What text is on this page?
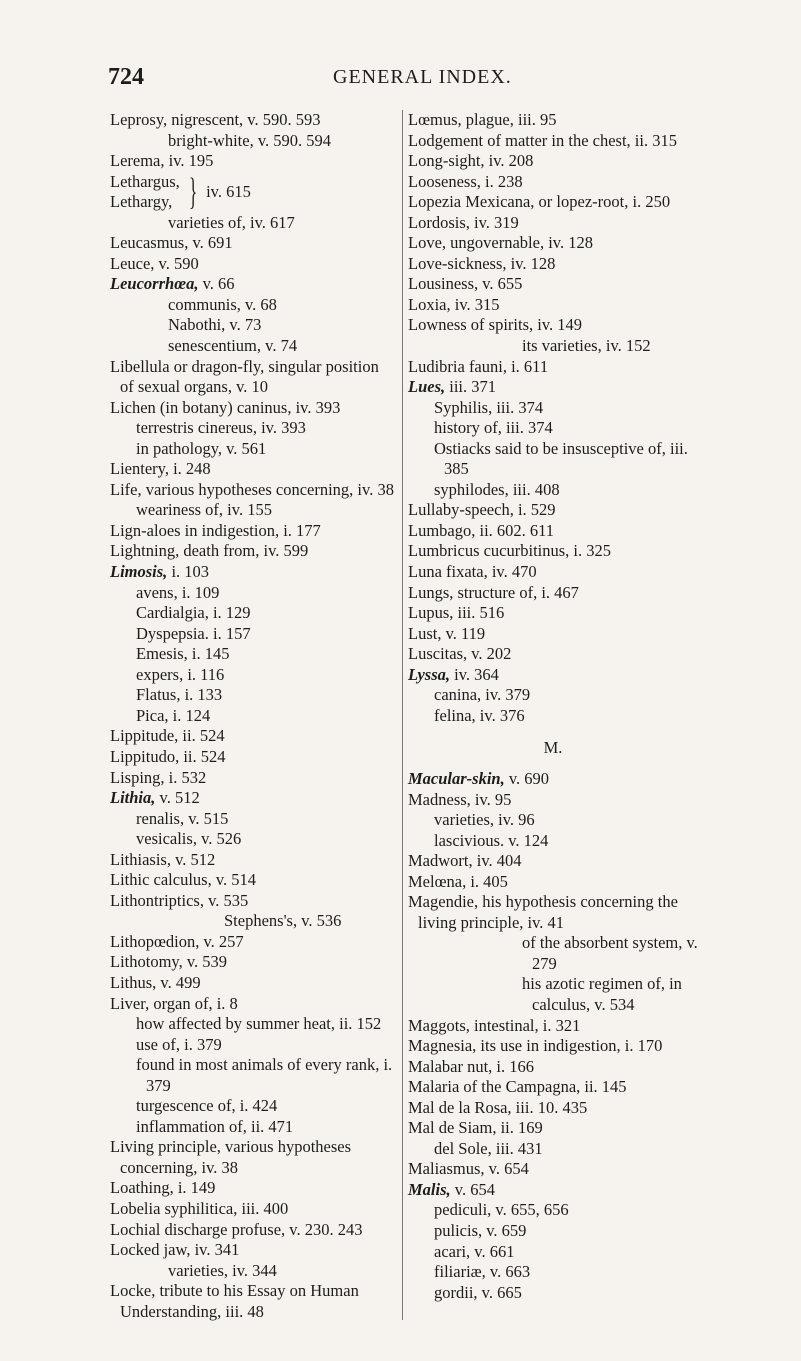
724	GENERAL INDEX.

Leprosy, nigrescent, v. 590. 593

bright-white, v. 590. 594

Lerema, iv. 195

Lethargus,
Lethargy, } iv. 615

varieties of, iv. 617

Leucasmus, v. 691

Leuce, v. 590

Leucorrhœa, v. 66

communis, v. 68

Nabothi, v. 73

senescentium, v. 74

Libellula or dragon-fly, singular position of sexual organs, v. 10

Lichen (in botany) caninus, iv. 393

terrestris cinereus, iv. 393

in pathology, v. 561

Lientery, i. 248

Life, various hypotheses concerning, iv. 38

weariness of, iv. 155

Lign-aloes in indigestion, i. 177

Lightning, death from, iv. 599

Limosis, i. 103

avens, i. 109

Cardialgia, i. 129

Dyspepsia. i. 157

Emesis, i. 145

expers, i. 116

Flatus, i. 133

Pica, i. 124

Lippitude, ii. 524

Lippitudo, ii. 524

Lisping, i. 532

Lithia, v. 512

renalis, v. 515

vesicalis, v. 526

Lithiasis, v. 512

Lithic calculus, v. 514

Lithontriptics, v. 535

Stephens's, v. 536

Lithopœdion, v. 257

Lithotomy, v. 539

Lithus, v. 499

Liver, organ of, i. 8

how affected by summer heat, ii. 152

use of, i. 379

found in most animals of every rank, i. 379

turgescence of, i. 424

inflammation of, ii. 471

Living principle, various hypotheses concerning, iv. 38

Loathing, i. 149

Lobelia syphilitica, iii. 400

Lochial discharge profuse, v. 230. 243

Locked jaw, iv. 341

varieties, iv. 344

Locke, tribute to his Essay on Human Understanding, iii. 48

Lœmus, plague, iii. 95

Lodgement of matter in the chest, ii. 315

Long-sight, iv. 208

Looseness, i. 238

Lopezia Mexicana, or lopez-root, i. 250

Lordosis, iv. 319

Love, ungovernable, iv. 128

Love-sickness, iv. 128

Lousiness, v. 655

Loxia, iv. 315

Lowness of spirits, iv. 149

its varieties, iv. 152

Ludibria fauni, i. 611

Lues, iii. 371

Syphilis, iii. 374

history of, iii. 374

Ostiacks said to be insusceptive of, iii. 385

syphilodes, iii. 408

Lullaby-speech, i. 529

Lumbago, ii. 602. 611

Lumbricus cucurbitinus, i. 325

Luna fixata, iv. 470

Lungs, structure of, i. 467

Lupus, iii. 516

Lust, v. 119

Luscitas, v. 202

Lyssa, iv. 364

canina, iv. 379

felina, iv. 376

M.

Macular-skin, v. 690

Madness, iv. 95

varieties, iv. 96

lascivious. v. 124

Madwort, iv. 404

Melœna, i. 405

Magendie, his hypothesis concerning the living principle, iv. 41

of the absorbent system, v. 279

his azotic regimen of, in calculus, v. 534

Maggots, intestinal, i. 321

Magnesia, its use in indigestion, i. 170

Malabar nut, i. 166

Malaria of the Campagna, ii. 145

Mal de la Rosa, iii. 10. 435

Mal de Siam, ii. 169

del Sole, iii. 431

Maliasmus, v. 654

Malis, v. 654

pediculi, v. 655, 656

pulicis, v. 659

acari, v. 661

filiariæ, v. 663

gordii, v. 665
